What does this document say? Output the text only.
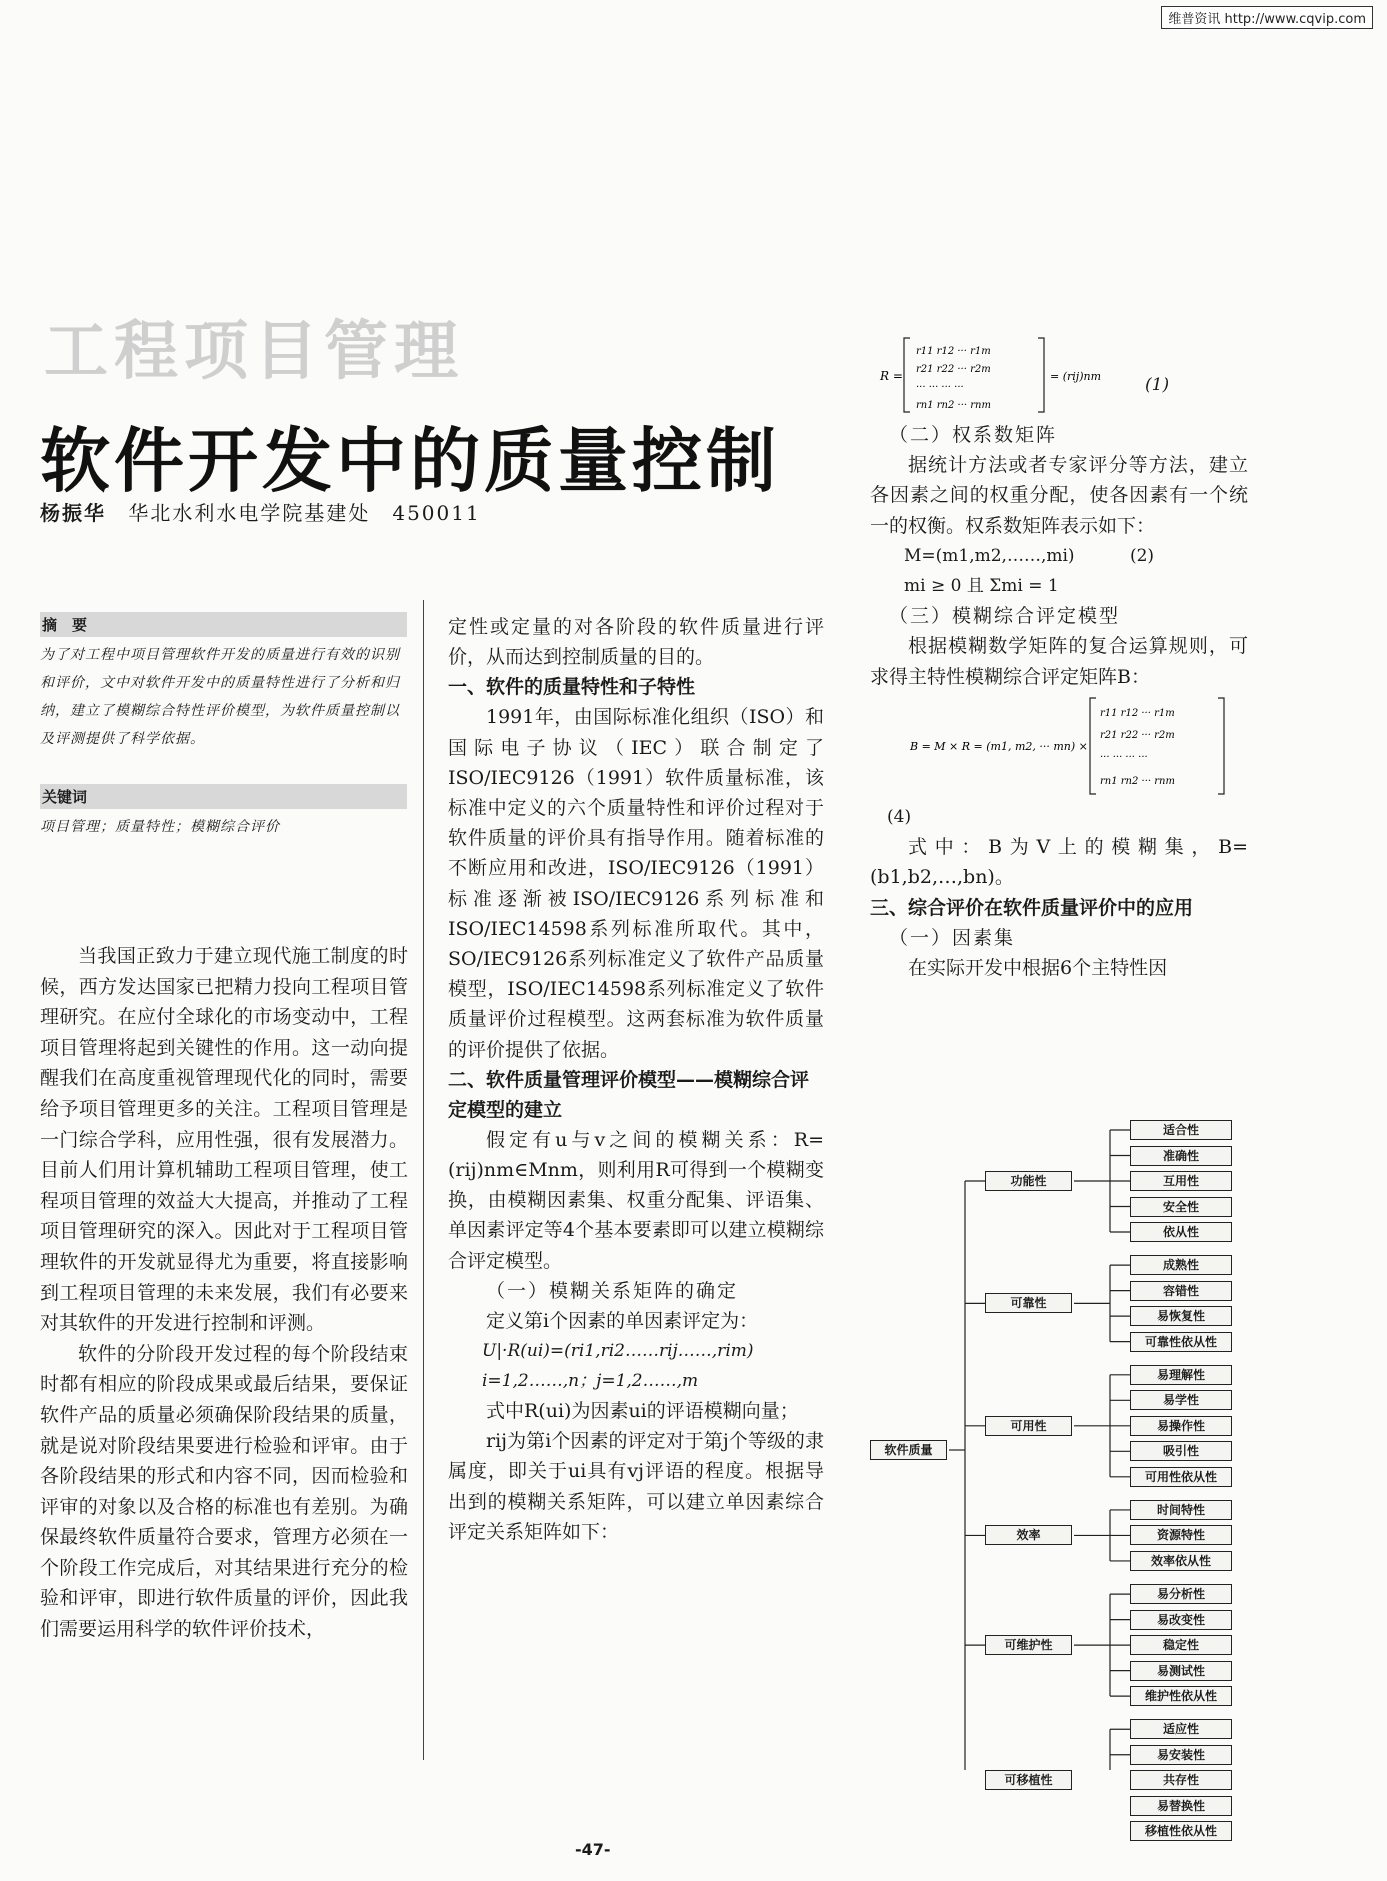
维普资讯 http://www.cqvip.com
工程项目管理
软件开发中的质量控制
杨振华 华北水利水电学院基建处　450011
摘　要

为了对工程中项目管理软件开发的质量进行有效的识别和评价，文中对软件开发中的质量特性进行了分析和归纳，建立了模糊综合特性评价模型，为软件质量控制以及评测提供了科学依据。

关键词

项目管理；质量特性；模糊综合评价

当我国正致力于建立现代施工制度的时候，西方发达国家已把精力投向工程项目管理研究。在应付全球化的市场变动中，工程项目管理将起到关键性的作用。这一动向提醒我们在高度重视管理现代化的同时，需要给予项目管理更多的关注。工程项目管理是一门综合学科，应用性强，很有发展潜力。目前人们用计算机辅助工程项目管理，使工程项目管理的效益大大提高，并推动了工程项目管理研究的深入。因此对于工程项目管理软件的开发就显得尤为重要，将直接影响到工程项目管理的未来发展，我们有必要来对其软件的开发进行控制和评测。

软件的分阶段开发过程的每个阶段结束时都有相应的阶段成果或最后结果，要保证软件产品的质量必须确保阶段结果的质量，就是说对阶段结果要进行检验和评审。由于各阶段结果的形式和内容不同，因而检验和评审的对象以及合格的标准也有差别。为确保最终软件质量符合要求，管理方必须在一个阶段工作完成后，对其结果进行充分的检验和评审，即进行软件质量的评价，因此我们需要运用科学的软件评价技术，

定性或定量的对各阶段的软件质量进行评价，从而达到控制质量的目的。

一、软件的质量特性和子特性

1991年，由国际标准化组织（ISO）和国际电子协议（IEC）联合制定了ISO/IEC9126（1991）软件质量标准，该标准中定义的六个质量特性和评价过程对于软件质量的评价具有指导作用。随着标准的不断应用和改进，ISO/IEC9126（1991）标准逐渐被ISO/IEC9126系列标准和ISO/IEC14598系列标准所取代。其中，SO/IEC9126系列标准定义了软件产品质量模型，ISO/IEC14598系列标准定义了软件质量评价过程模型。这两套标准为软件质量的评价提供了依据。

二、软件质量管理评价模型——模糊综合评定模型的建立

假定有u与v之间的模糊关系：R=(rij)nm∈Mnm，则利用R可得到一个模糊变换，由模糊因素集、权重分配集、评语集、单因素评定等4个基本要素即可以建立模糊综合评定模型。

（一）模糊关系矩阵的确定

定义第i个因素的单因素评定为：

U|·R(ui)=(ri1,ri2……rij……,rim)

i=1,2……,n；j=1,2……,m

式中R(ui)为因素ui的评语模糊向量；

rij为第i个因素的评定对于第j个等级的隶属度，即关于ui具有vj评语的程度。根据导出到的模糊关系矩阵，可以建立单因素综合评定关系矩阵如下：

R =
r11 r12 ··· r1m
r21 r22 ··· r2m
··· ··· ··· ···
rn1 rn2 ··· rnm
= (rij)nm	(1)

（二）权系数矩阵

据统计方法或者专家评分等方法，建立各因素之间的权重分配，使各因素有一个统一的权衡。权系数矩阵表示如下：

M=(m1,m2,……,mi)	(2)

mi ≥ 0 且 Σmi = 1

（三）模糊综合评定模型

根据模糊数学矩阵的复合运算规则，可求得主特性模糊综合评定矩阵B：

B = M × R = (m1, m2, ··· mn) ×
r11 r12 ··· r1m
r21 r22 ··· r2m
··· ··· ··· ···
rn1 rn2 ··· rnm

(4)

式中：B为V上的模糊集，B=(b1,b2,…,bn)。

三、综合评价在软件质量评价中的应用

（一）因素集

在实际开发中根据6个主特性因

适合性
准确性
互用性
安全性
依从性
功能性
成熟性
容错性
易恢复性
可靠性依从性
可靠性
易理解性
易学性
易操作性
吸引性
可用性依从性
可用性
时间特性
资源特性
效率依从性
效率
易分析性
易改变性
稳定性
易测试性
维护性依从性
可维护性
适应性
易安装性
共存性
易替换性
移植性依从性
可移植性
软件质量
-47-
